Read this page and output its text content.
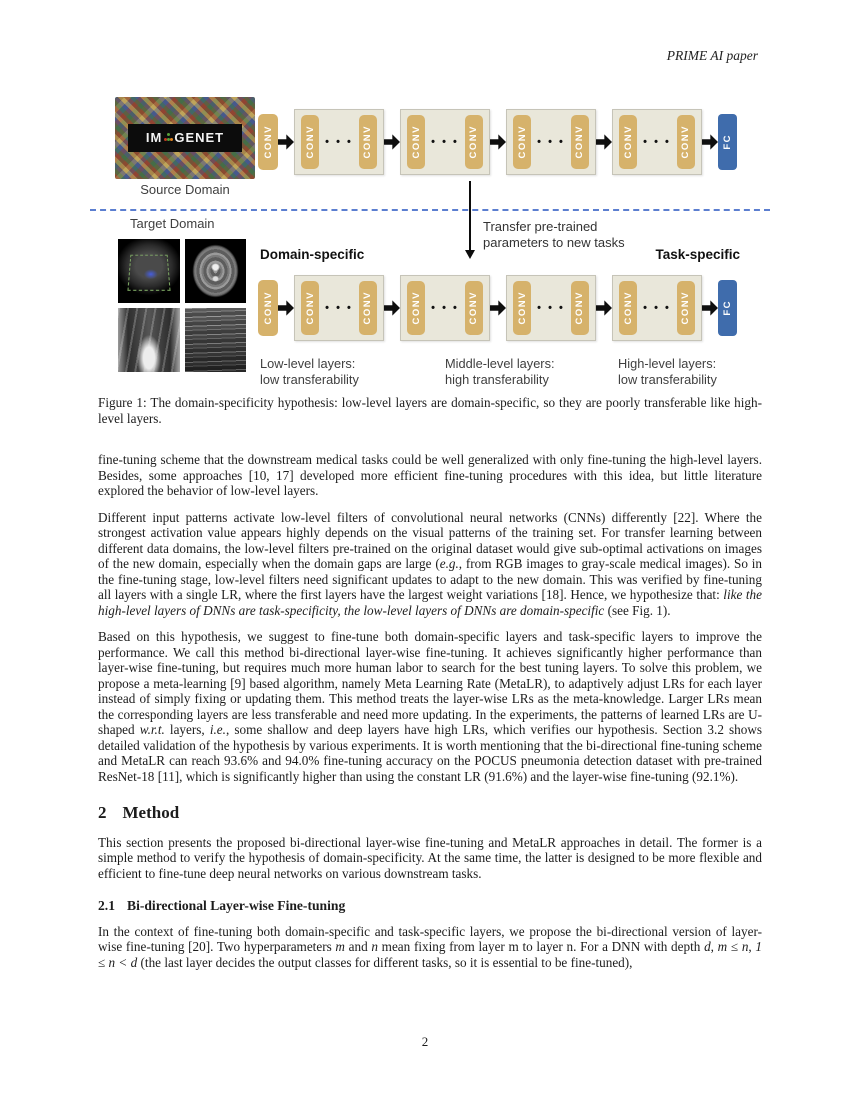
PRIME AI paper
IM GENET
Source Domain
CONV	CONV • • • CONV	CONV • • • CONV	CONV • • • CONV	CONV • • • CONV	FC
Target Domain	Transfer pre-trained
parameters to new tasks
Domain-specific	Task-specific
CONV	CONV • • • CONV	CONV • • • CONV	CONV • • • CONV	CONV • • • CONV	FC
Low-level layers:
low transferability
Middle-level layers:
high transferability
High-level layers:
low transferability
Figure 1: The domain-specificity hypothesis: low-level layers are domain-specific, so they are poorly transferable like high-level layers.

fine-tuning scheme that the downstream medical tasks could be well generalized with only fine-tuning the high-level layers. Besides, some approaches [10, 17] developed more efficient fine-tuning procedures with this idea, but little literature explored the behavior of low-level layers.

Different input patterns activate low-level filters of convolutional neural networks (CNNs) differently [22]. Where the strongest activation value appears highly depends on the visual patterns of the training set. For transfer learning between different data domains, the low-level filters pre-trained on the original dataset would give sub-optimal activations on images of the new domain, especially when the domain gaps are large (e.g., from RGB images to gray-scale medical images). So in the fine-tuning stage, low-level filters need significant updates to adapt to the new domain. This was verified by fine-tuning all layers with a single LR, where the first layers have the largest weight variations [18]. Hence, we hypothesize that: like the high-level layers of DNNs are task-specificity, the low-level layers of DNNs are domain-specific (see Fig. 1).

Based on this hypothesis, we suggest to fine-tune both domain-specific layers and task-specific layers to improve the performance. We call this method bi-directional layer-wise fine-tuning. It achieves significantly higher performance than layer-wise fine-tuning, but requires much more human labor to search for the best tuning layers. To solve this problem, we propose a meta-learning [9] based algorithm, namely Meta Learning Rate (MetaLR), to adaptively adjust LRs for each layer instead of simply fixing or updating them. This method treats the layer-wise LRs as the meta-knowledge. Larger LRs mean the corresponding layers are less transferable and need more updating. In the experiments, the patterns of learned LRs are U-shaped w.r.t. layers, i.e., some shallow and deep layers have high LRs, which verifies our hypothesis. Section 3.2 shows detailed validation of the hypothesis by various experiments. It is worth mentioning that the bi-directional fine-tuning scheme and MetaLR can reach 93.6% and 94.0% fine-tuning accuracy on the POCUS pneumonia detection dataset with pre-trained ResNet-18 [11], which is significantly higher than using the constant LR (91.6%) and the layer-wise fine-tuning (92.1%).

2 Method

This section presents the proposed bi-directional layer-wise fine-tuning and MetaLR approaches in detail. The former is a simple method to verify the hypothesis of domain-specificity. At the same time, the latter is designed to be more flexible and efficient to fine-tune deep neural networks on various downstream tasks.

2.1 Bi-directional Layer-wise Fine-tuning

In the context of fine-tuning both domain-specific and task-specific layers, we propose the bi-directional version of layer-wise fine-tuning [20]. Two hyperparameters m and n mean fixing from layer m to layer n. For a DNN with depth d, m ≤ n, 1 ≤ n < d (the last layer decides the output classes for different tasks, so it is essential to be fine-tuned),

2
